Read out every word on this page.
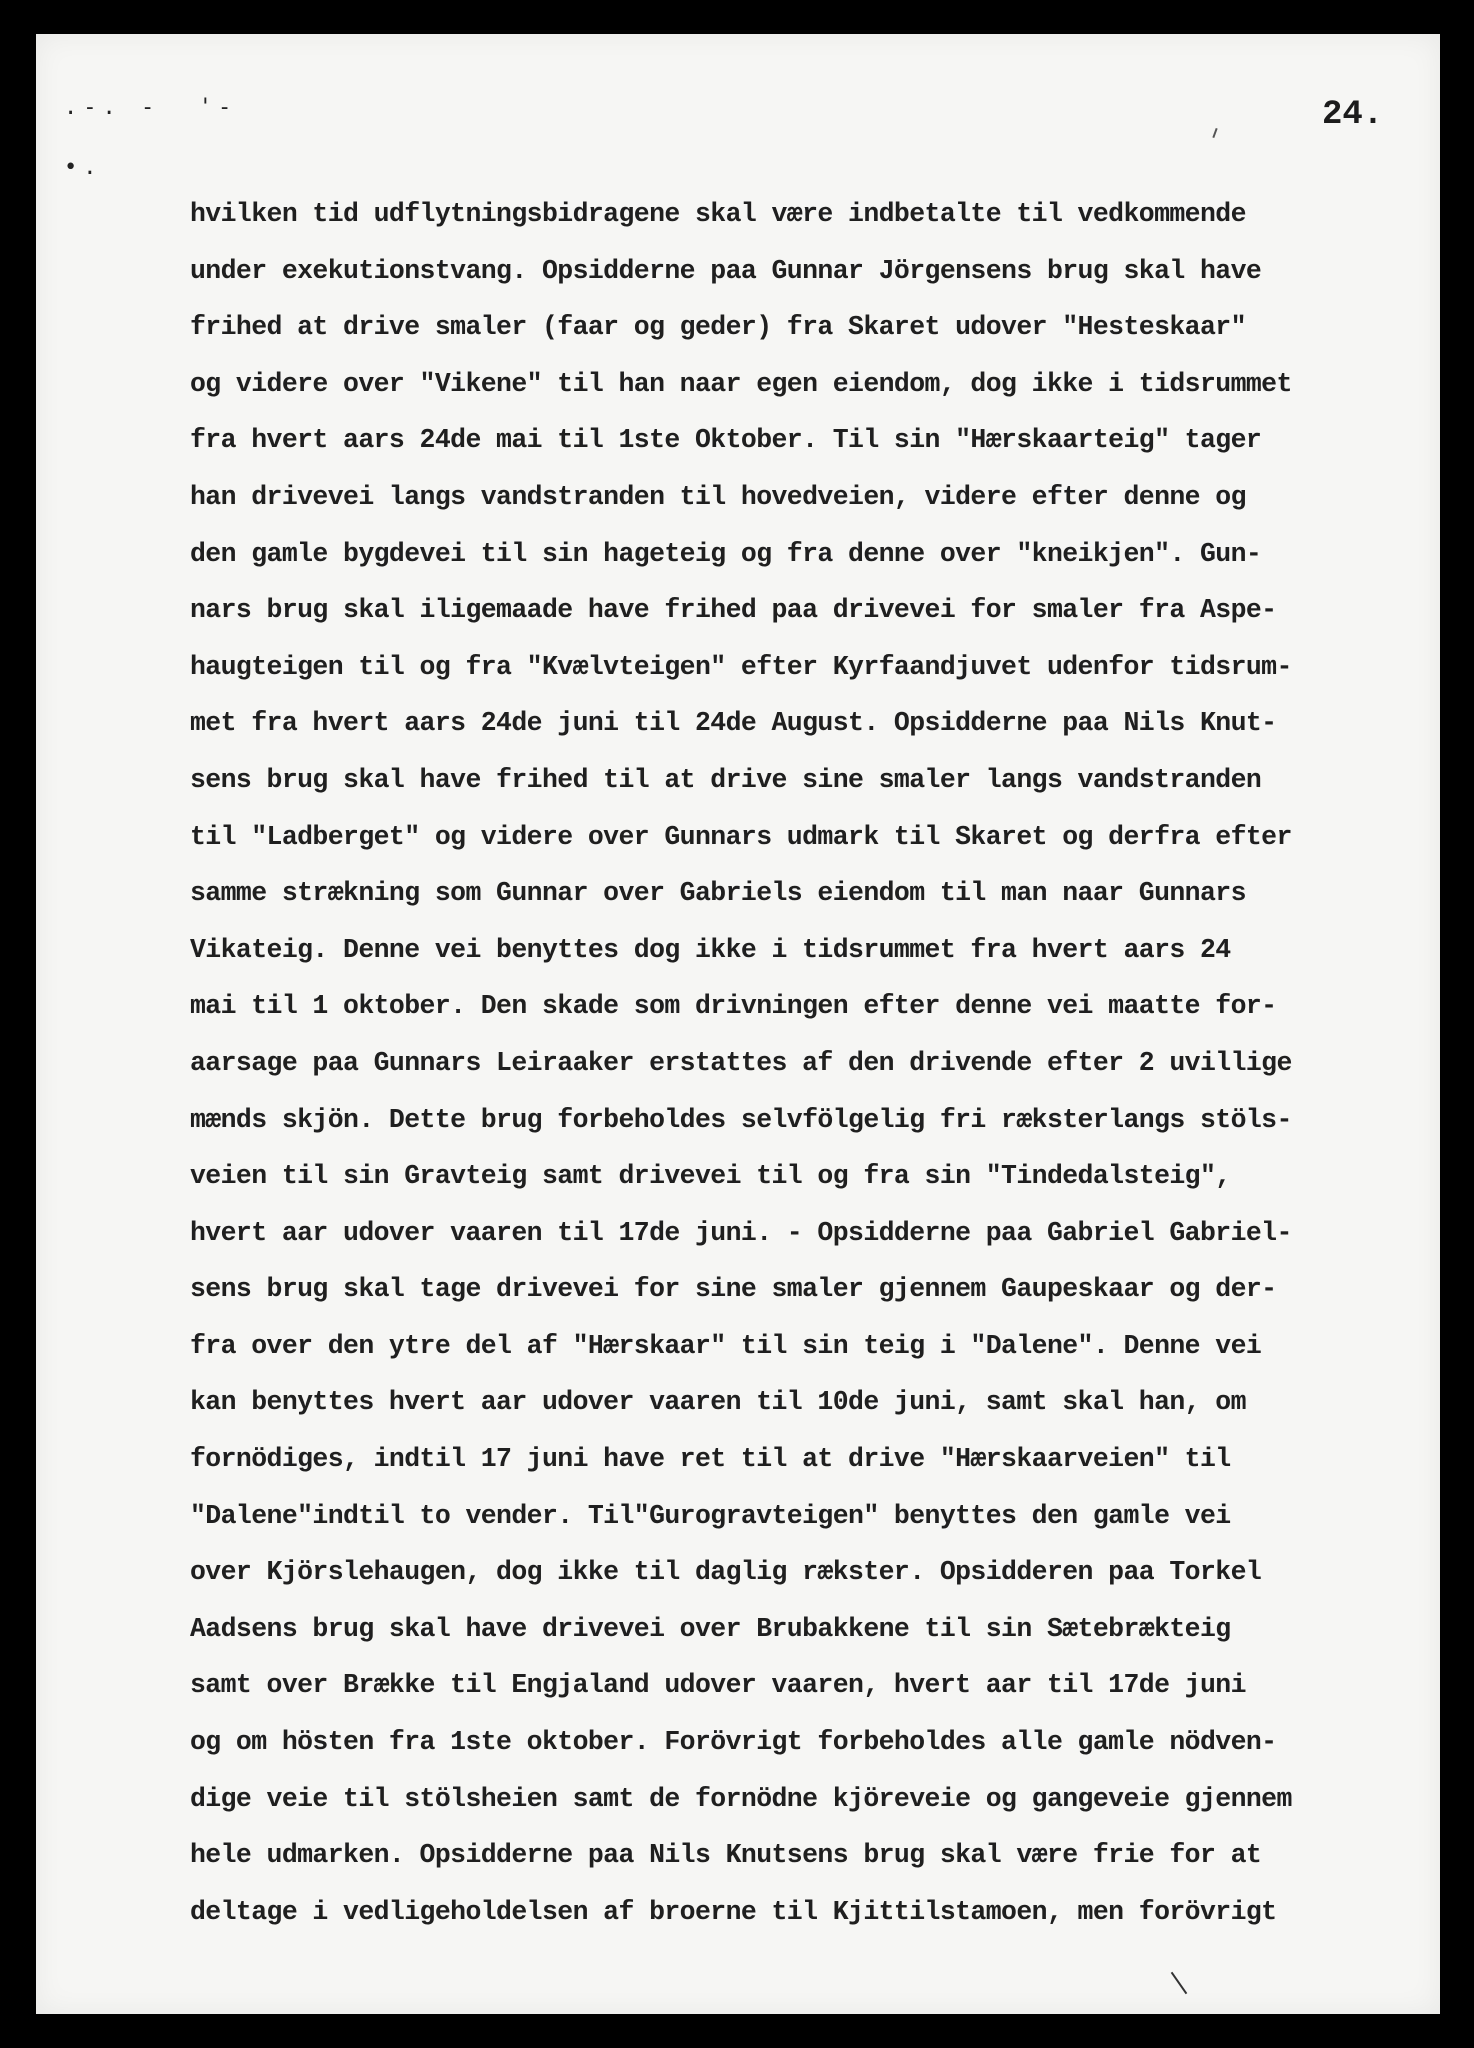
.-. -  '-
•.
24.
hvilken tid udflytningsbidragene skal være indbetalte til vedkommende
under exekutionstvang. Opsidderne paa Gunnar Jörgensens brug skal have
frihed at drive smaler (faar og geder) fra Skaret udover "Hesteskaar"
og videre over "Vikene" til han naar egen eiendom, dog ikke i tidsrummet
fra hvert aars 24de mai til 1ste Oktober. Til sin "Hærskaarteig" tager
han drivevei langs vandstranden til hovedveien, videre efter denne og
den gamle bygdevei til sin hageteig og fra denne over "kneikjen". Gun-
nars brug skal iligemaade have frihed paa drivevei for smaler fra Aspe-
haugteigen til og fra "Kvælvteigen" efter Kyrfaandjuvet udenfor tidsrum-
met fra hvert aars 24de juni til 24de August. Opsidderne paa Nils Knut-
sens brug skal have frihed til at drive sine smaler langs vandstranden
til "Ladberget" og videre over Gunnars udmark til Skaret og derfra efter
samme strækning som Gunnar over Gabriels eiendom til man naar Gunnars
Vikateig. Denne vei benyttes dog ikke i tidsrummet fra hvert aars 24
mai til 1 oktober. Den skade som drivningen efter denne vei maatte for-
aarsage paa Gunnars Leiraaker erstattes af den drivende efter 2 uvillige
mænds skjön. Dette brug forbeholdes selvfölgelig fri ræksterlangs stöls-
veien til sin Gravteig samt drivevei til og fra sin "Tindedalsteig",
hvert aar udover vaaren til 17de juni. - Opsidderne paa Gabriel Gabriel-
sens brug skal tage drivevei for sine smaler gjennem Gaupeskaar og der-
fra over den ytre del af "Hærskaar" til sin teig i "Dalene". Denne vei
kan benyttes hvert aar udover vaaren til 10de juni, samt skal han, om
fornödiges, indtil 17 juni have ret til at drive "Hærskaarveien" til
"Dalene"indtil to vender. Til"Gurogravteigen" benyttes den gamle vei
over Kjörslehaugen, dog ikke til daglig rækster. Opsidderen paa Torkel
Aadsens brug skal have drivevei over Brubakkene til sin Sætebrækteig
samt over Brække til Engjaland udover vaaren, hvert aar til 17de juni
og om hösten fra 1ste oktober. Forövrigt forbeholdes alle gamle nödven-
dige veie til stölsheien samt de fornödne kjöreveie og gangeveie gjennem
hele udmarken. Opsidderne paa Nils Knutsens brug skal være frie for at
deltage i vedligeholdelsen af broerne til Kjittilstamoen, men forövrigt
